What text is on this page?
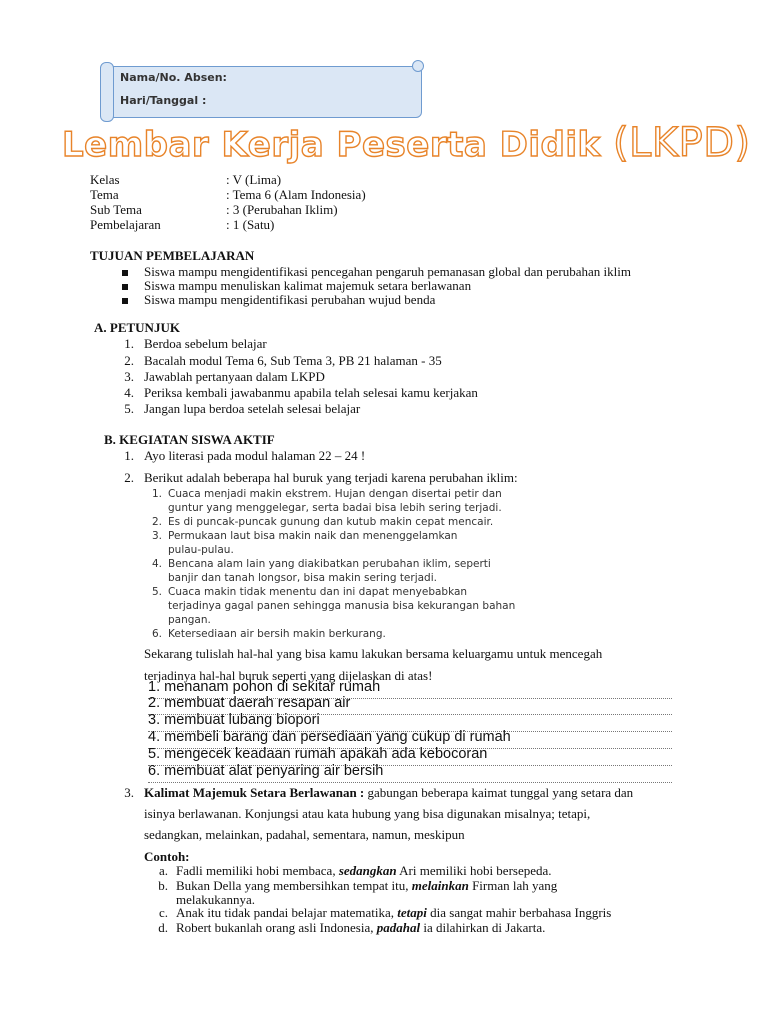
Nama/No. Absen:
Hari/Tanggal :
Lembar Kerja Peserta Didik (LKPD)
Kelas	: V (Lima)
Tema	: Tema 6 (Alam Indonesia)
Sub Tema	: 3 (Perubahan Iklim)
Pembelajaran	: 1 (Satu)
TUJUAN PEMBELAJARAN
Siswa mampu mengidentifikasi pencegahan pengaruh pemanasan global dan perubahan iklim
Siswa mampu menuliskan kalimat majemuk setara berlawanan
Siswa mampu mengidentifikasi perubahan wujud benda
A. PETUNJUK
1. Berdoa sebelum belajar
2. Bacalah modul Tema 6, Sub Tema 3, PB 21 halaman - 35
3. Jawablah pertanyaan dalam LKPD
4. Periksa kembali jawabanmu apabila telah selesai kamu kerjakan
5. Jangan lupa berdoa setelah selesai belajar
B. KEGIATAN SISWA AKTIF
1. Ayo literasi pada modul halaman 22 – 24 !
2. Berikut adalah beberapa hal buruk yang terjadi karena perubahan iklim:
1. Cuaca menjadi makin ekstrem. Hujan dengan disertai petir dan
guntur yang menggelegar, serta badai bisa lebih sering terjadi.
2. Es di puncak-puncak gunung dan kutub makin cepat mencair.
3. Permukaan laut bisa makin naik dan menenggelamkan
pulau-pulau.
4. Bencana alam lain yang diakibatkan perubahan iklim, seperti
banjir dan tanah longsor, bisa makin sering terjadi.
5. Cuaca makin tidak menentu dan ini dapat menyebabkan
terjadinya gagal panen sehingga manusia bisa kekurangan bahan
pangan.
6. Ketersediaan air bersih makin berkurang.
Sekarang tulislah hal-hal yang bisa kamu lakukan bersama keluargamu untuk mencegah
terjadinya hal-hal buruk seperti yang dijelaskan di atas!
1. menanam pohon di sekitar rumah
2. membuat daerah resapan air
3. membuat lubang biopori
4. membeli barang dan persediaan yang cukup di rumah
5. mengecek keadaan rumah apakah ada kebocoran
6. membuat alat penyaring air bersih
3. Kalimat Majemuk Setara Berlawanan : gabungan beberapa kaimat tunggal yang setara dan
isinya berlawanan. Konjungsi atau kata hubung yang bisa digunakan misalnya; tetapi,
sedangkan, melainkan, padahal, sementara, namun, meskipun
Contoh:
a. Fadli memiliki hobi membaca, sedangkan Ari memiliki hobi bersepeda.
b. Bukan Della yang membersihkan tempat itu, melainkan Firman lah yang
melakukannya.
c. Anak itu tidak pandai belajar matematika, tetapi dia sangat mahir berbahasa Inggris
d. Robert bukanlah orang asli Indonesia, padahal ia dilahirkan di Jakarta.
